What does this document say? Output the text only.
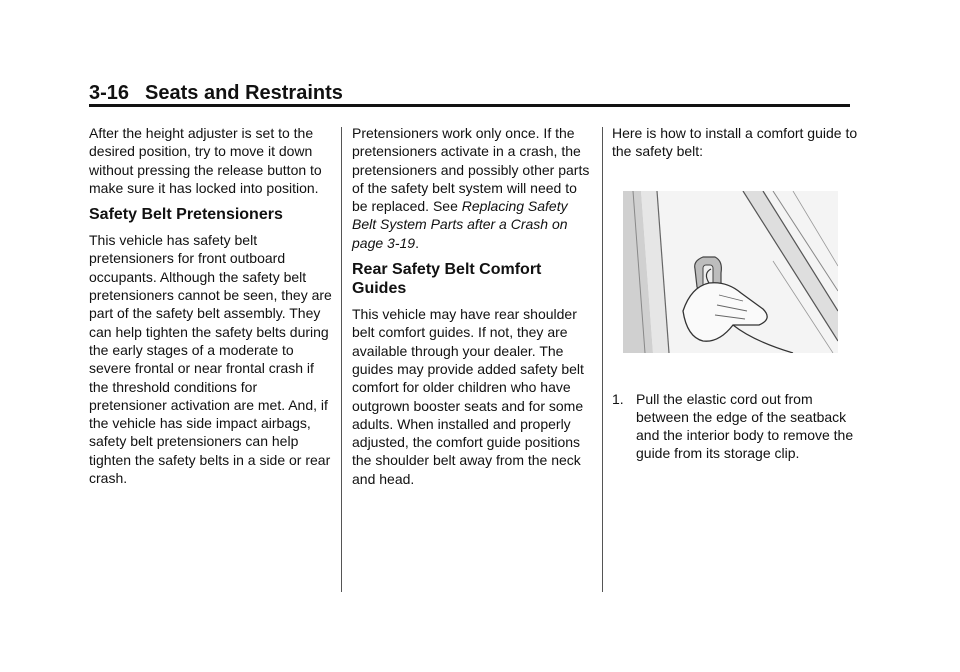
3-16 Seats and Restraints

After the height adjuster is set to the desired position, try to move it down without pressing the release button to make sure it has locked into position.

Safety Belt Pretensioners

This vehicle has safety belt pretensioners for front outboard occupants. Although the safety belt pretensioners cannot be seen, they are part of the safety belt assembly. They can help tighten the safety belts during the early stages of a moderate to severe frontal or near frontal crash if the threshold conditions for pretensioner activation are met. And, if the vehicle has side impact airbags, safety belt pretensioners can help tighten the safety belts in a side or rear crash.

Pretensioners work only once. If the pretensioners activate in a crash, the pretensioners and possibly other parts of the safety belt system will need to be replaced. See Replacing Safety Belt System Parts after a Crash on page 3-19.

Rear Safety Belt Comfort Guides

This vehicle may have rear shoulder belt comfort guides. If not, they are available through your dealer. The guides may provide added safety belt comfort for older children who have outgrown booster seats and for some adults. When installed and properly adjusted, the comfort guide positions the shoulder belt away from the neck and head.

Here is how to install a comfort guide to the safety belt:

1. Pull the elastic cord out from between the edge of the seatback and the interior body to remove the guide from its storage clip.
